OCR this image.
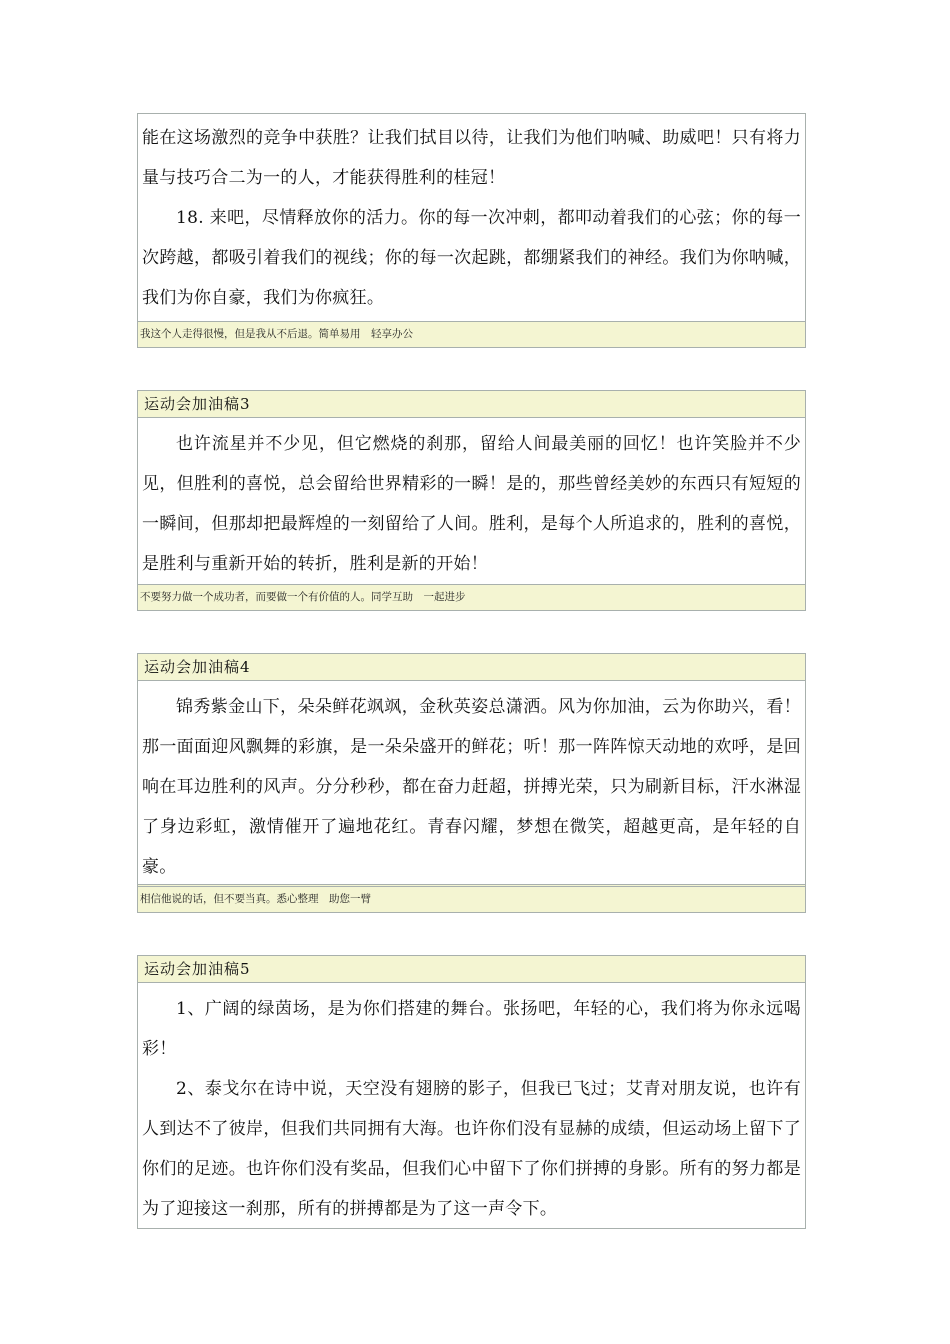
能在这场激烈的竞争中获胜？让我们拭目以待，让我们为他们呐喊、助威吧！只有将力量与技巧合二为一的人，才能获得胜利的桂冠！

18. 来吧，尽情释放你的活力。你的每一次冲刺，都叩动着我们的心弦；你的每一次跨越，都吸引着我们的视线；你的每一次起跳，都绷紧我们的神经。我们为你呐喊，我们为你自豪，我们为你疯狂。

我这个人走得很慢，但是我从不后退。简单易用　轻享办公
运动会加油稿3

也许流星并不少见，但它燃烧的刹那，留给人间最美丽的回忆！也许笑脸并不少见，但胜利的喜悦，总会留给世界精彩的一瞬！是的，那些曾经美妙的东西只有短短的一瞬间，但那却把最辉煌的一刻留给了人间。胜利，是每个人所追求的，胜利的喜悦，是胜利与重新开始的转折，胜利是新的开始！

不要努力做一个成功者，而要做一个有价值的人。同学互助　一起进步
运动会加油稿4

锦秀紫金山下，朵朵鲜花飒飒，金秋英姿总潇洒。风为你加油，云为你助兴，看！那一面面迎风飘舞的彩旗，是一朵朵盛开的鲜花；听！那一阵阵惊天动地的欢呼，是回响在耳边胜利的风声。分分秒秒，都在奋力赶超，拼搏光荣，只为刷新目标，汗水淋湿了身边彩虹，激情催开了遍地花红。青春闪耀，梦想在微笑，超越更高，是年轻的自豪。

相信他说的话，但不要当真。悉心整理　助您一臂
运动会加油稿5

1、广阔的绿茵场，是为你们搭建的舞台。张扬吧，年轻的心，我们将为你永远喝彩！

2、泰戈尔在诗中说，天空没有翅膀的影子，但我已飞过；艾青对朋友说，也许有人到达不了彼岸，但我们共同拥有大海。也许你们没有显赫的成绩，但运动场上留下了你们的足迹。也许你们没有奖品，但我们心中留下了你们拼搏的身影。所有的努力都是为了迎接这一刹那，所有的拼搏都是为了这一声令下。
